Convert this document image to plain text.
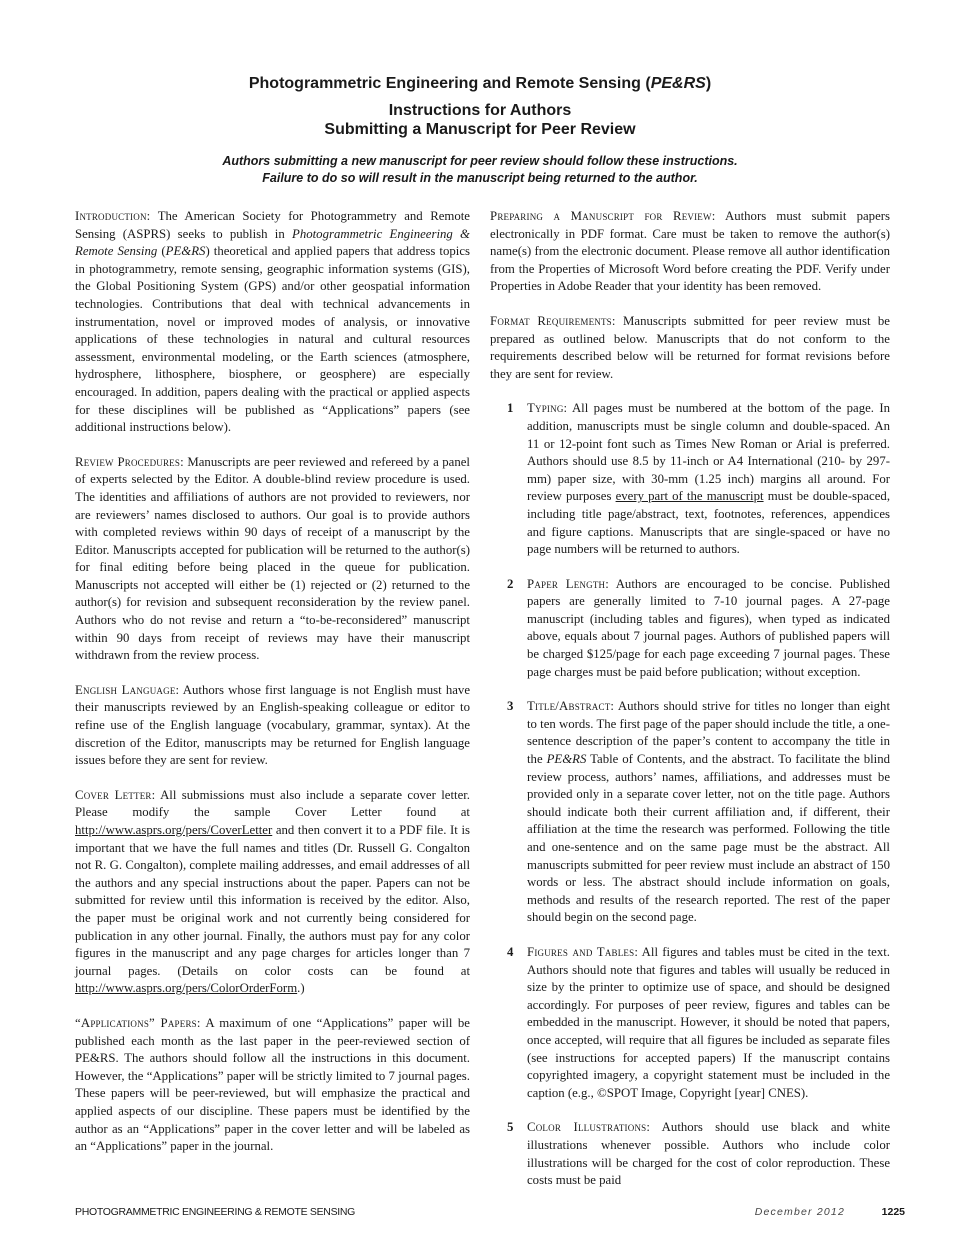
Photogrammetric Engineering and Remote Sensing (PE&RS)

Instructions for Authors

Submitting a Manuscript for Peer Review

Authors submitting a new manuscript for peer review should follow these instructions.

Failure to do so will result in the manuscript being returned to the author.

Introduction: The American Society for Photogrammetry and Remote Sensing (ASPRS) seeks to publish in Photogrammetric Engineering & Remote Sensing (PE&RS) theoretical and applied papers that address topics in photogrammetry, remote sensing, geographic information systems (GIS), the Global Positioning System (GPS) and/or other geospatial information technologies. Contributions that deal with technical advancements in instrumentation, novel or improved modes of analysis, or innovative applications of these technologies in natural and cultural resources assessment, environmental modeling, or the Earth sciences (atmosphere, hydrosphere, lithosphere, biosphere, or geosphere) are especially encouraged. In addition, papers dealing with the practical or applied aspects for these disciplines will be published as “Applications” papers (see additional instructions below).

Review Procedures: Manuscripts are peer reviewed and refereed by a panel of experts selected by the Editor. A double-blind review procedure is used. The identities and affiliations of authors are not provided to reviewers, nor are reviewers’ names disclosed to authors. Our goal is to provide authors with completed reviews within 90 days of receipt of a manuscript by the Editor. Manuscripts accepted for publication will be returned to the author(s) for final editing before being placed in the queue for publication. Manuscripts not accepted will either be (1) rejected or (2) returned to the author(s) for revision and subsequent reconsideration by the review panel. Authors who do not revise and return a “to-be-reconsidered” manuscript within 90 days from receipt of reviews may have their manuscript withdrawn from the review process.

English Language: Authors whose first language is not English must have their manuscripts reviewed by an English-speaking colleague or editor to refine use of the English language (vocabulary, grammar, syntax). At the discretion of the Editor, manuscripts may be returned for English language issues before they are sent for review.

Cover Letter: All submissions must also include a separate cover letter. Please modify the sample Cover Letter found at http://www.asprs.org/pers/CoverLetter and then convert it to a PDF file. It is important that we have the full names and titles (Dr. Russell G. Congalton not R. G. Congalton), complete mailing addresses, and email addresses of all the authors and any special instructions about the paper. Papers can not be submitted for review until this information is received by the editor. Also, the paper must be original work and not currently being considered for publication in any other journal. Finally, the authors must pay for any color figures in the manuscript and any page charges for articles longer than 7 journal pages. (Details on color costs can be found at http://www.asprs.org/pers/ColorOrderForm.)

“Applications” Papers: A maximum of one “Applications” paper will be published each month as the last paper in the peer-reviewed section of PE&RS. The authors should follow all the instructions in this document. However, the “Applications” paper will be strictly limited to 7 journal pages. These papers will be peer-reviewed, but will emphasize the practical and applied aspects of our discipline. These papers must be identified by the author as an “Applications” paper in the cover letter and will be labeled as an “Applications” paper in the journal.

Preparing a Manuscript for Review: Authors must submit papers electronically in PDF format. Care must be taken to remove the author(s) name(s) from the electronic document. Please remove all author identification from the Properties of Microsoft Word before creating the PDF. Verify under Properties in Adobe Reader that your identity has been removed.

Format Requirements: Manuscripts submitted for peer review must be prepared as outlined below. Manuscripts that do not conform to the requirements described below will be returned for format revisions before they are sent for review.

1 Typing: All pages must be numbered at the bottom of the page. In addition, manuscripts must be single column and double-spaced. An 11 or 12-point font such as Times New Roman or Arial is preferred. Authors should use 8.5 by 11-inch or A4 International (210- by 297-mm) paper size, with 30-mm (1.25 inch) margins all around. For review purposes every part of the manuscript must be double-spaced, including title page/abstract, text, footnotes, references, appendices and figure captions. Manuscripts that are single-spaced or have no page numbers will be returned to authors.

2 Paper Length: Authors are encouraged to be concise. Published papers are generally limited to 7-10 journal pages. A 27-page manuscript (including tables and figures), when typed as indicated above, equals about 7 journal pages. Authors of published papers will be charged $125/page for each page exceeding 7 journal pages. These page charges must be paid before publication; without exception.

3 Title/Abstract: Authors should strive for titles no longer than eight to ten words. The first page of the paper should include the title, a one-sentence description of the paper’s content to accompany the title in the PE&RS Table of Contents, and the abstract. To facilitate the blind review process, authors’ names, affiliations, and addresses must be provided only in a separate cover letter, not on the title page. Authors should indicate both their current affiliation and, if different, their affiliation at the time the research was performed. Following the title and one-sentence and on the same page must be the abstract. All manuscripts submitted for peer review must include an abstract of 150 words or less. The abstract should include information on goals, methods and results of the research reported. The rest of the paper should begin on the second page.

4 Figures and Tables: All figures and tables must be cited in the text. Authors should note that figures and tables will usually be reduced in size by the printer to optimize use of space, and should be designed accordingly. For purposes of peer review, figures and tables can be embedded in the manuscript. However, it should be noted that papers, once accepted, will require that all figures be included as separate files (see instructions for accepted papers) If the manuscript contains copyrighted imagery, a copyright statement must be included in the caption (e.g., ©SPOT Image, Copyright [year] CNES).

5 Color Illustrations: Authors should use black and white illustrations whenever possible. Authors who include color illustrations will be charged for the cost of color reproduction. These costs must be paid

PHOTOGRAMMETRIC ENGINEERING & REMOTE SENSING	December 2012	1225
